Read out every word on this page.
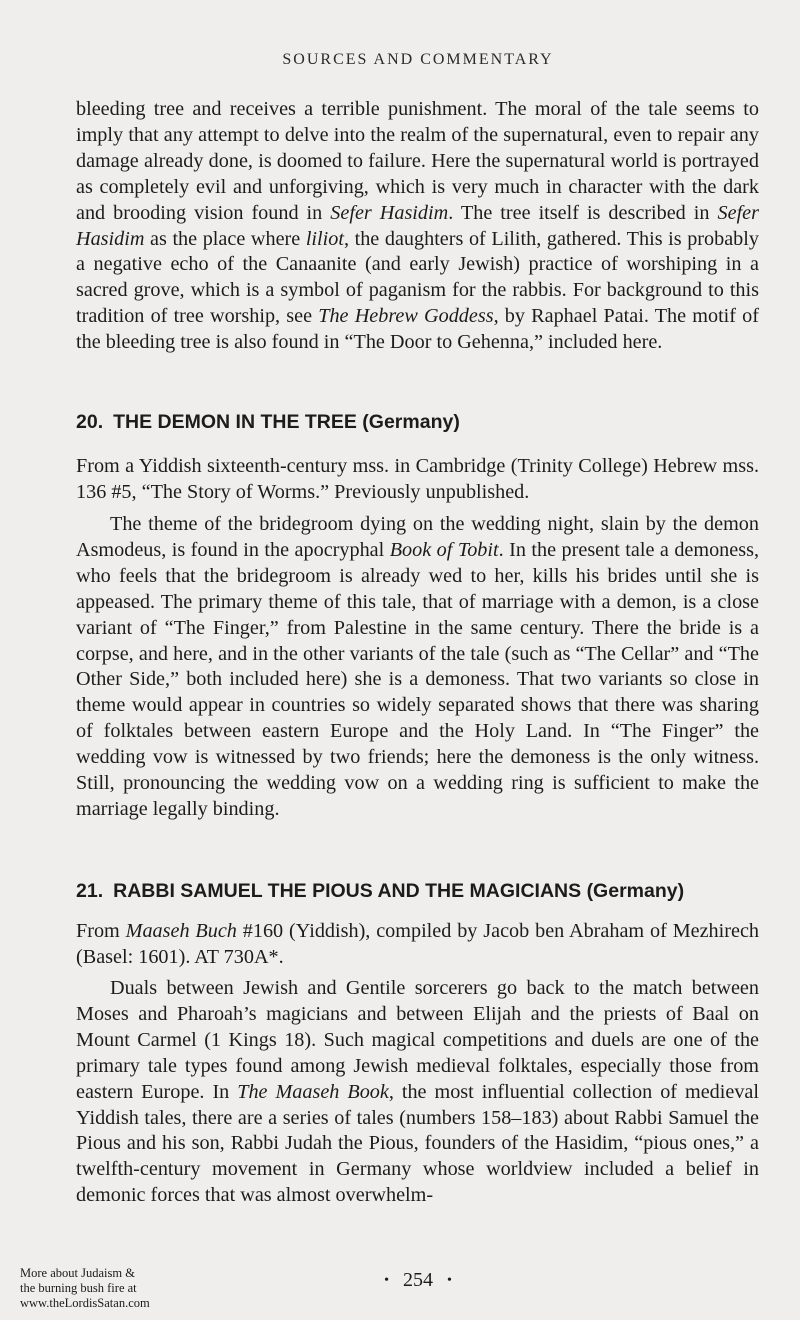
SOURCES AND COMMENTARY

bleeding tree and receives a terrible punishment. The moral of the tale seems to imply that any attempt to delve into the realm of the supernatural, even to repair any damage already done, is doomed to failure. Here the supernatural world is portrayed as completely evil and unforgiving, which is very much in character with the dark and brooding vision found in Sefer Hasidim. The tree itself is described in Sefer Hasidim as the place where liliot, the daughters of Lilith, gathered. This is probably a negative echo of the Canaanite (and early Jewish) practice of worshiping in a sacred grove, which is a symbol of paganism for the rabbis. For background to this tradition of tree worship, see The Hebrew Goddess, by Raphael Patai. The motif of the bleeding tree is also found in “The Door to Gehenna,” included here.

20. THE DEMON IN THE TREE (Germany)

From a Yiddish sixteenth-century mss. in Cambridge (Trinity College) Hebrew mss. 136 #5, “The Story of Worms.” Previously unpublished.

The theme of the bridegroom dying on the wedding night, slain by the demon Asmodeus, is found in the apocryphal Book of Tobit. In the present tale a demoness, who feels that the bridegroom is already wed to her, kills his brides until she is appeased. The primary theme of this tale, that of marriage with a demon, is a close variant of “The Finger,” from Palestine in the same century. There the bride is a corpse, and here, and in the other variants of the tale (such as “The Cellar” and “The Other Side,” both included here) she is a demoness. That two variants so close in theme would appear in countries so widely separated shows that there was sharing of folktales between eastern Europe and the Holy Land. In “The Finger” the wedding vow is witnessed by two friends; here the demoness is the only witness. Still, pronouncing the wedding vow on a wedding ring is sufficient to make the marriage legally binding.

21. RABBI SAMUEL THE PIOUS AND THE MAGICIANS (Germany)

From Maaseh Buch #160 (Yiddish), compiled by Jacob ben Abraham of Mezhirech (Basel: 1601). AT 730A*.

Duals between Jewish and Gentile sorcerers go back to the match between Moses and Pharoah’s magicians and between Elijah and the priests of Baal on Mount Carmel (1 Kings 18). Such magical competitions and duels are one of the primary tale types found among Jewish medieval folktales, especially those from eastern Europe. In The Maaseh Book, the most influential collection of medieval Yiddish tales, there are a series of tales (numbers 158–183) about Rabbi Samuel the Pious and his son, Rabbi Judah the Pious, founders of the Hasidim, “pious ones,” a twelfth-century movement in Germany whose worldview included a belief in demonic forces that was almost overwhelm-

• 254 •
More about Judaism &
the burning bush fire at
www.theLordisSatan.com
